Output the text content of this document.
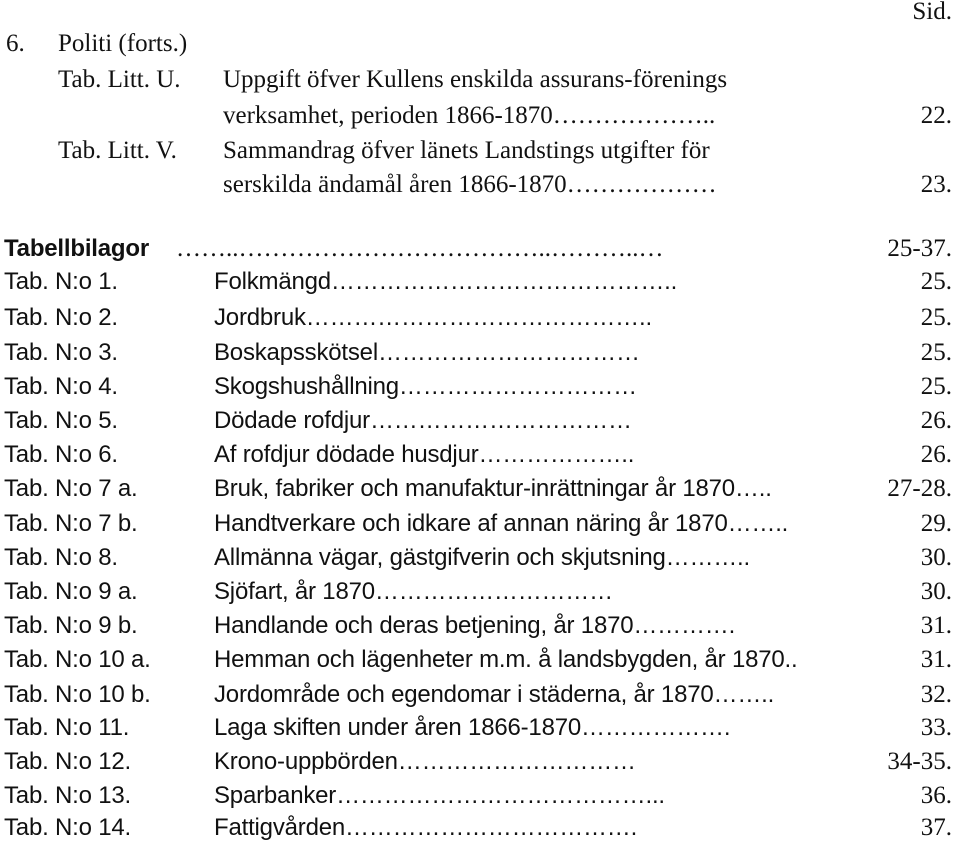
Sid.
6. Politi (forts.)
Tab. Litt. U. Uppgift öfver Kullens enskilda assurans-förenings
verksamhet, perioden 1866-1870………………..	22.
Tab. Litt. V. Sammandrag öfver länets Landstings utgifter för
serskilda ändamål åren 1866-1870………………	23.
Tabellbilagor ……..………………………………..………..…	25-37.
Tab. N:o 1.	Folkmängd……………………………………..	25.
Tab. N:o 2.	Jordbruk……………………………………..	25.
Tab. N:o 3.	Boskapsskötsel……………………………	25.
Tab. N:o 4.	Skogshushållning…………………………	25.
Tab. N:o 5.	Dödade rofdjur……………………………	26.
Tab. N:o 6.	Af rofdjur dödade husdjur………………..	26.
Tab. N:o 7 a.	Bruk, fabriker och manufaktur-inrättningar år 1870…..	27-28.
Tab. N:o 7 b.	Handtverkare och idkare af annan näring år 1870……..	29.
Tab. N:o 8.	Allmänna vägar, gästgifverin och skjutsning………..	30.
Tab. N:o 9 a.	Sjöfart, år 1870…………………………	30.
Tab. N:o 9 b.	Handlande och deras betjening, år 1870………….	31.
Tab. N:o 10 a.	Hemman och lägenheter m.m. å landsbygden, år 1870..	31.
Tab. N:o 10 b.	Jordområde och egendomar i städerna, år 1870……..	32.
Tab. N:o 11.	Laga skiften under åren 1866-1870……………….	33.
Tab. N:o 12.	Krono-uppbörden…………………………	34-35.
Tab. N:o 13.	Sparbanker…………………………………...	36.
Tab. N:o 14.	Fattigvården……………………………….	37.
